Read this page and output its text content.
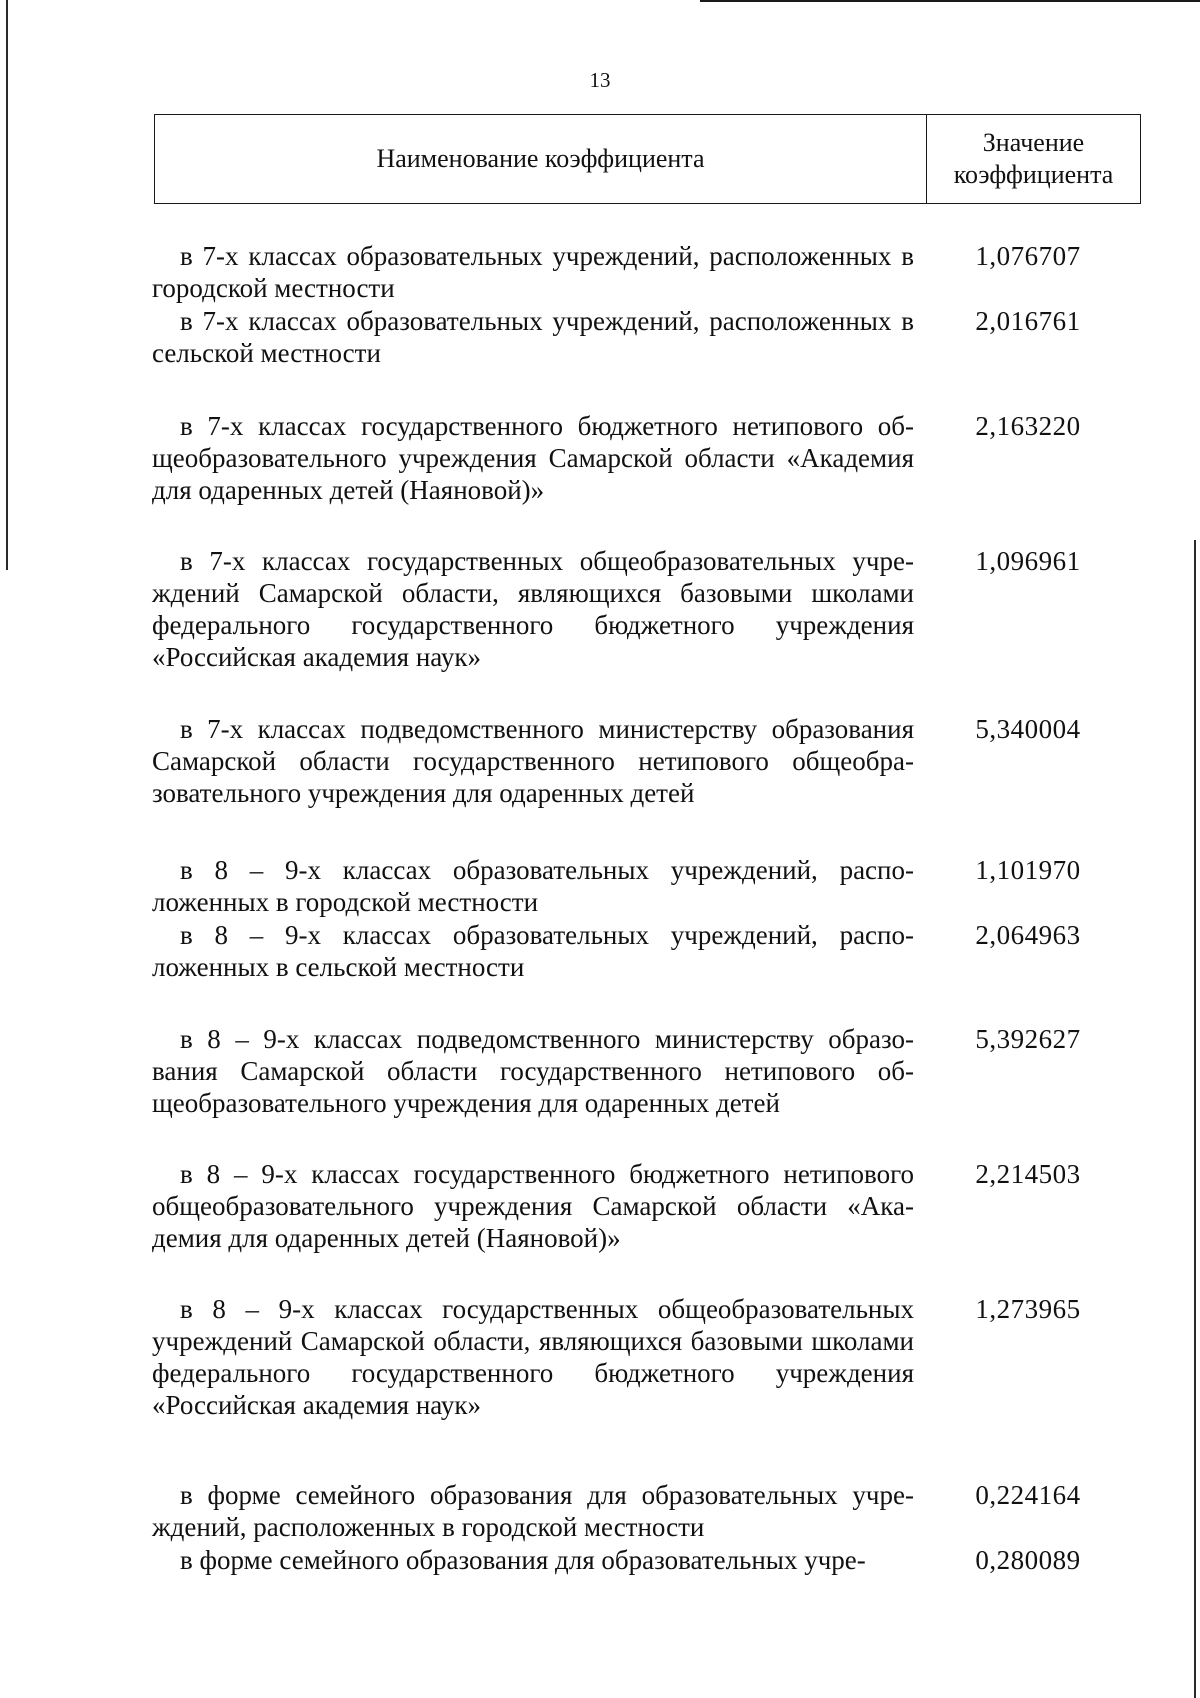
13
Наименование коэффициента
Значение коэффициента
в 7-х классах образовательных учреждений, расположенных в городской местности
1,076707
в 7-х классах образовательных учреждений, расположенных в сельской местности
2,016761
в 7-х классах государственного бюджетного нетипового общеобразовательного учреждения Самарской области «Академия для одаренных детей (Наяновой)»
2,163220
в 7-х классах государственных общеобразовательных учреждений Самарской области, являющихся базовыми школами федерального государственного бюджетного учреждения «Российская академия наук»
1,096961
в 7-х классах подведомственного министерству образования Самарской области государственного нетипового общеобразовательного учреждения для одаренных детей
5,340004
в 8 – 9-х классах образовательных учреждений, расположенных в городской местности
1,101970
в 8 – 9-х классах образовательных учреждений, расположенных в сельской местности
2,064963
в 8 – 9-х классах подведомственного министерству образования Самарской области государственного нетипового общеобразовательного учреждения для одаренных детей
5,392627
в 8 – 9-х классах государственного бюджетного нетипового общеобразовательного учреждения Самарской области «Академия для одаренных детей (Наяновой)»
2,214503
в 8 – 9-х классах государственных общеобразовательных учреждений Самарской области, являющихся базовыми школами федерального государственного бюджетного учреждения «Российская академия наук»
1,273965
в форме семейного образования для образовательных учреждений, расположенных в городской местности
0,224164
в форме семейного образования для образовательных учре-	0,280089
